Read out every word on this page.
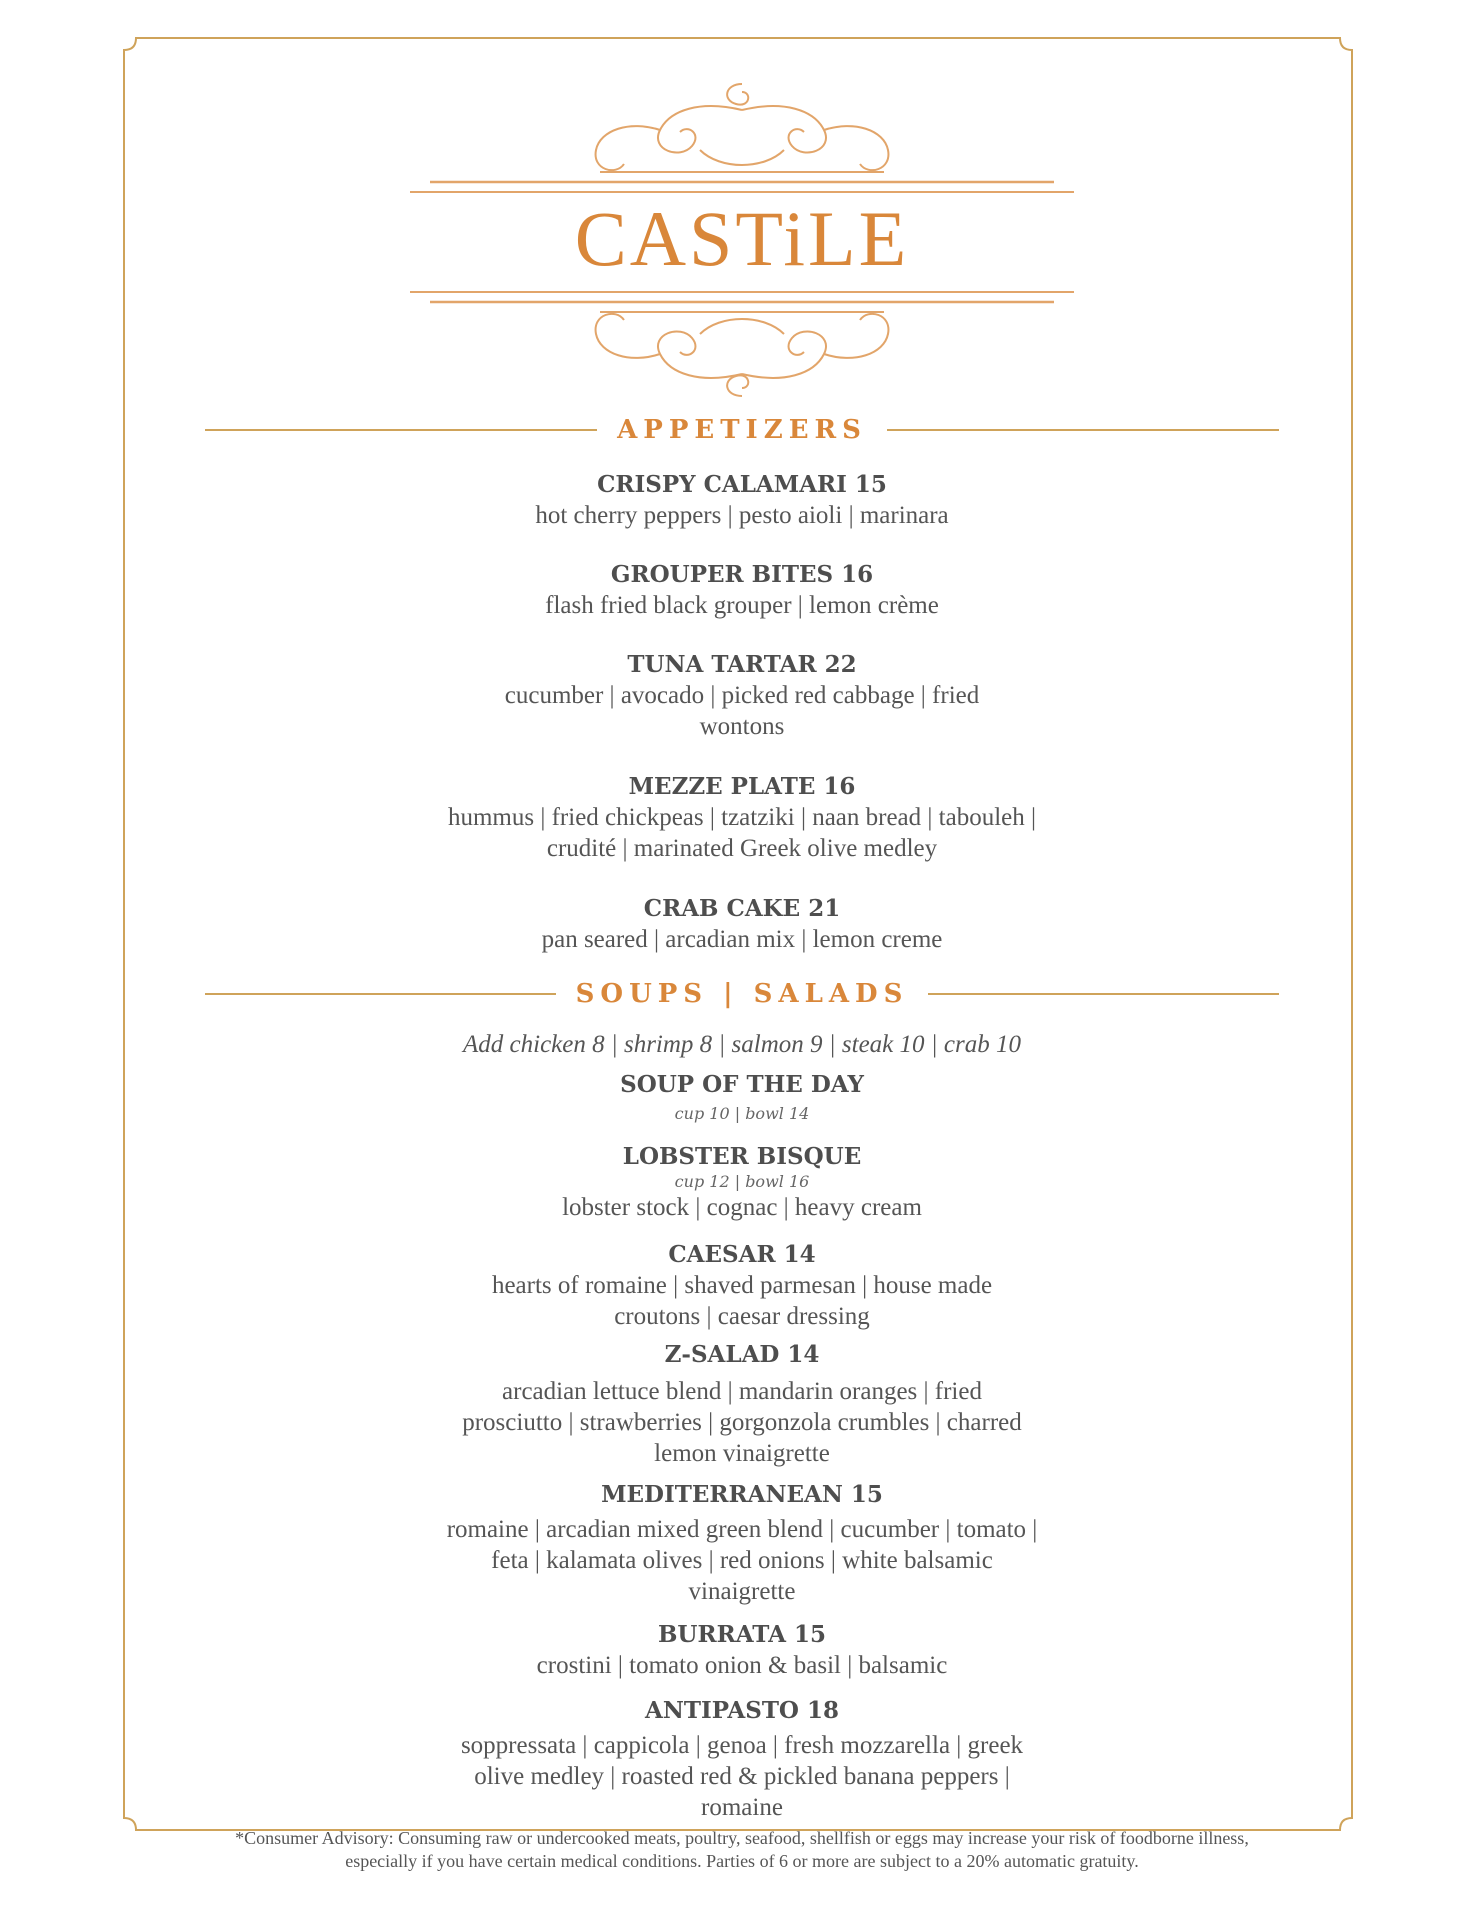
CASTiLE
APPETIZERS
CRISPY CALAMARI 15
hot cherry peppers | pesto aioli | marinara
GROUPER BITES 16
flash fried black grouper | lemon crème
TUNA TARTAR 22
cucumber | avocado | picked red cabbage | fried wontons
MEZZE PLATE 16
hummus | fried chickpeas | tzatziki | naan bread | tabouleh | crudité | marinated Greek olive medley
CRAB CAKE 21
pan seared | arcadian mix | lemon creme
SOUPS | SALADS
Add chicken 8 | shrimp 8 | salmon 9 | steak 10 | crab 10
SOUP OF THE DAY
cup 10 | bowl 14
LOBSTER BISQUE
cup 12 | bowl 16
lobster stock | cognac | heavy cream
CAESAR 14
hearts of romaine | shaved parmesan | house made croutons | caesar dressing
Z-SALAD 14
arcadian lettuce blend | mandarin oranges | fried prosciutto | strawberries | gorgonzola crumbles | charred lemon vinaigrette
MEDITERRANEAN 15
romaine | arcadian mixed green blend | cucumber | tomato | feta | kalamata olives | red onions | white balsamic vinaigrette
BURRATA 15
crostini | tomato onion & basil | balsamic
ANTIPASTO 18
soppressata | cappicola | genoa | fresh mozzarella | greek olive medley | roasted red & pickled banana peppers | romaine
*Consumer Advisory: Consuming raw or undercooked meats, poultry, seafood, shellfish or eggs may increase your risk of foodborne illness,
especially if you have certain medical conditions. Parties of 6 or more are subject to a 20% automatic gratuity.
